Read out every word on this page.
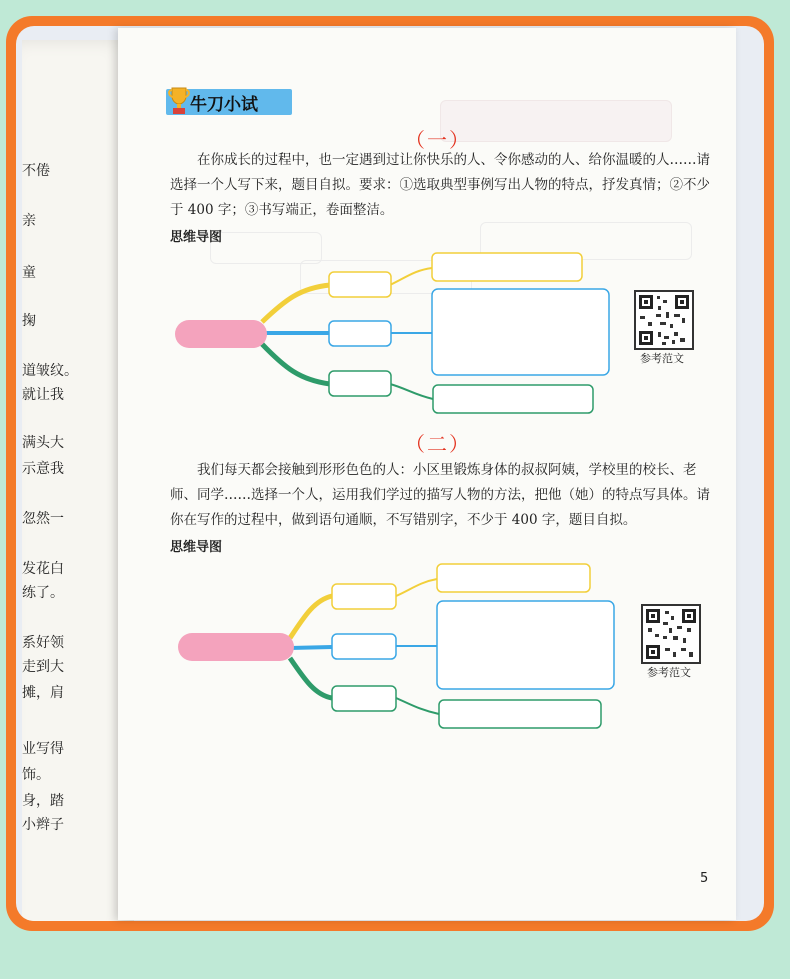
不倦
亲
童
掬
道皱纹。
就让我
满头大
示意我
忽然一
发花白
练了。
系好领
走到大
摊，肩
业写得
饰。
身，踏
小辫子
牛刀小试
（一）
在你成长的过程中，也一定遇到过让你快乐的人、令你感动的人、给你温暖的人……请选择一个人写下来，题目自拟。要求：①选取典型事例写出人物的特点，抒发真情；②不少于 400 字；③书写端正，卷面整洁。
思维导图
（二）
我们每天都会接触到形形色色的人：小区里锻炼身体的叔叔阿姨，学校里的校长、老师、同学……选择一个人，运用我们学过的描写人物的方法，把他（她）的特点写具体。请你在写作的过程中，做到语句通顺，不写错别字，不少于 400 字，题目自拟。
思维导图
参考范文
参考范文
5
